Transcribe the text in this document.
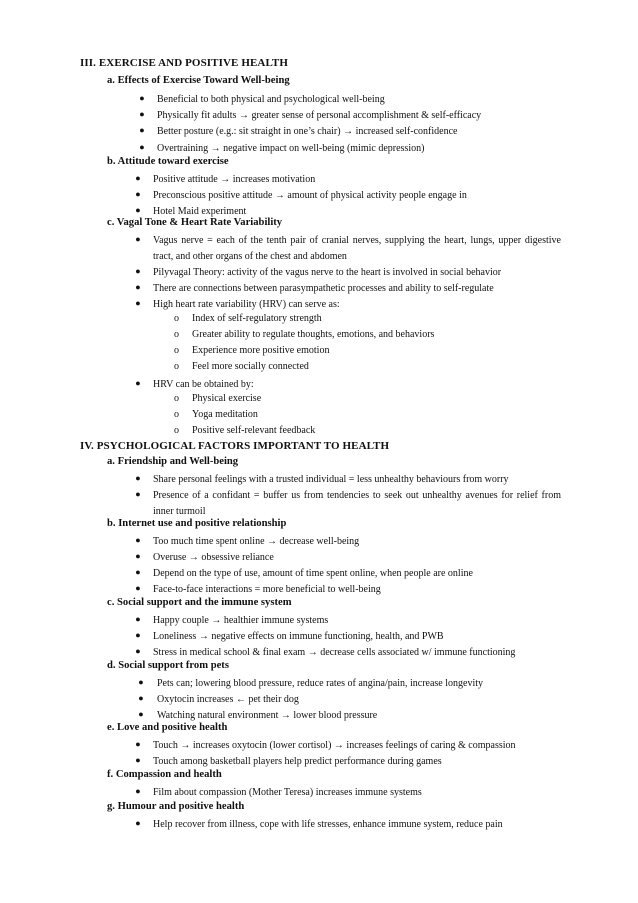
III. EXERCISE AND POSITIVE HEALTH
a. Effects of Exercise Toward Well-being
● Beneficial to both physical and psychological well-being
● Physically fit adults → greater sense of personal accomplishment & self-efficacy
● Better posture (e.g.: sit straight in one’s chair) → increased self-confidence
● Overtraining → negative impact on well-being (mimic depression)
b. Attitude toward exercise
● Positive attitude → increases motivation
● Preconscious positive attitude → amount of physical activity people engage in
● Hotel Maid experiment
c. Vagal Tone & Heart Rate Variability
● Vagus nerve = each of the tenth pair of cranial nerves, supplying the heart, lungs, upper digestive tract, and other organs of the chest and abdomen
● Pilyvagal Theory: activity of the vagus nerve to the heart is involved in social behavior
● There are connections between parasympathetic processes and ability to self-regulate
● High heart rate variability (HRV) can serve as:
o Index of self-regulatory strength
o Greater ability to regulate thoughts, emotions, and behaviors
o Experience more positive emotion
o Feel more socially connected
● HRV can be obtained by:
o Physical exercise
o Yoga meditation
o Positive self-relevant feedback
IV. PSYCHOLOGICAL FACTORS IMPORTANT TO HEALTH
a. Friendship and Well-being
● Share personal feelings with a trusted individual = less unhealthy behaviours from worry
● Presence of a confidant = buffer us from tendencies to seek out unhealthy avenues for relief from inner turmoil
b. Internet use and positive relationship
● Too much time spent online → decrease well-being
● Overuse → obsessive reliance
● Depend on the type of use, amount of time spent online, when people are online
● Face-to-face interactions = more beneficial to well-being
c. Social support and the immune system
● Happy couple → healthier immune systems
● Loneliness → negative effects on immune functioning, health, and PWB
● Stress in medical school & final exam → decrease cells associated w/ immune functioning
d. Social support from pets
● Pets can; lowering blood pressure, reduce rates of angina/pain, increase longevity
● Oxytocin increases ← pet their dog
● Watching natural environment → lower blood pressure
e. Love and positive health
● Touch → increases oxytocin (lower cortisol) → increases feelings of caring & compassion
● Touch among basketball players help predict performance during games
f. Compassion and health
● Film about compassion (Mother Teresa) increases immune systems
g. Humour and positive health
● Help recover from illness, cope with life stresses, enhance immune system, reduce pain
